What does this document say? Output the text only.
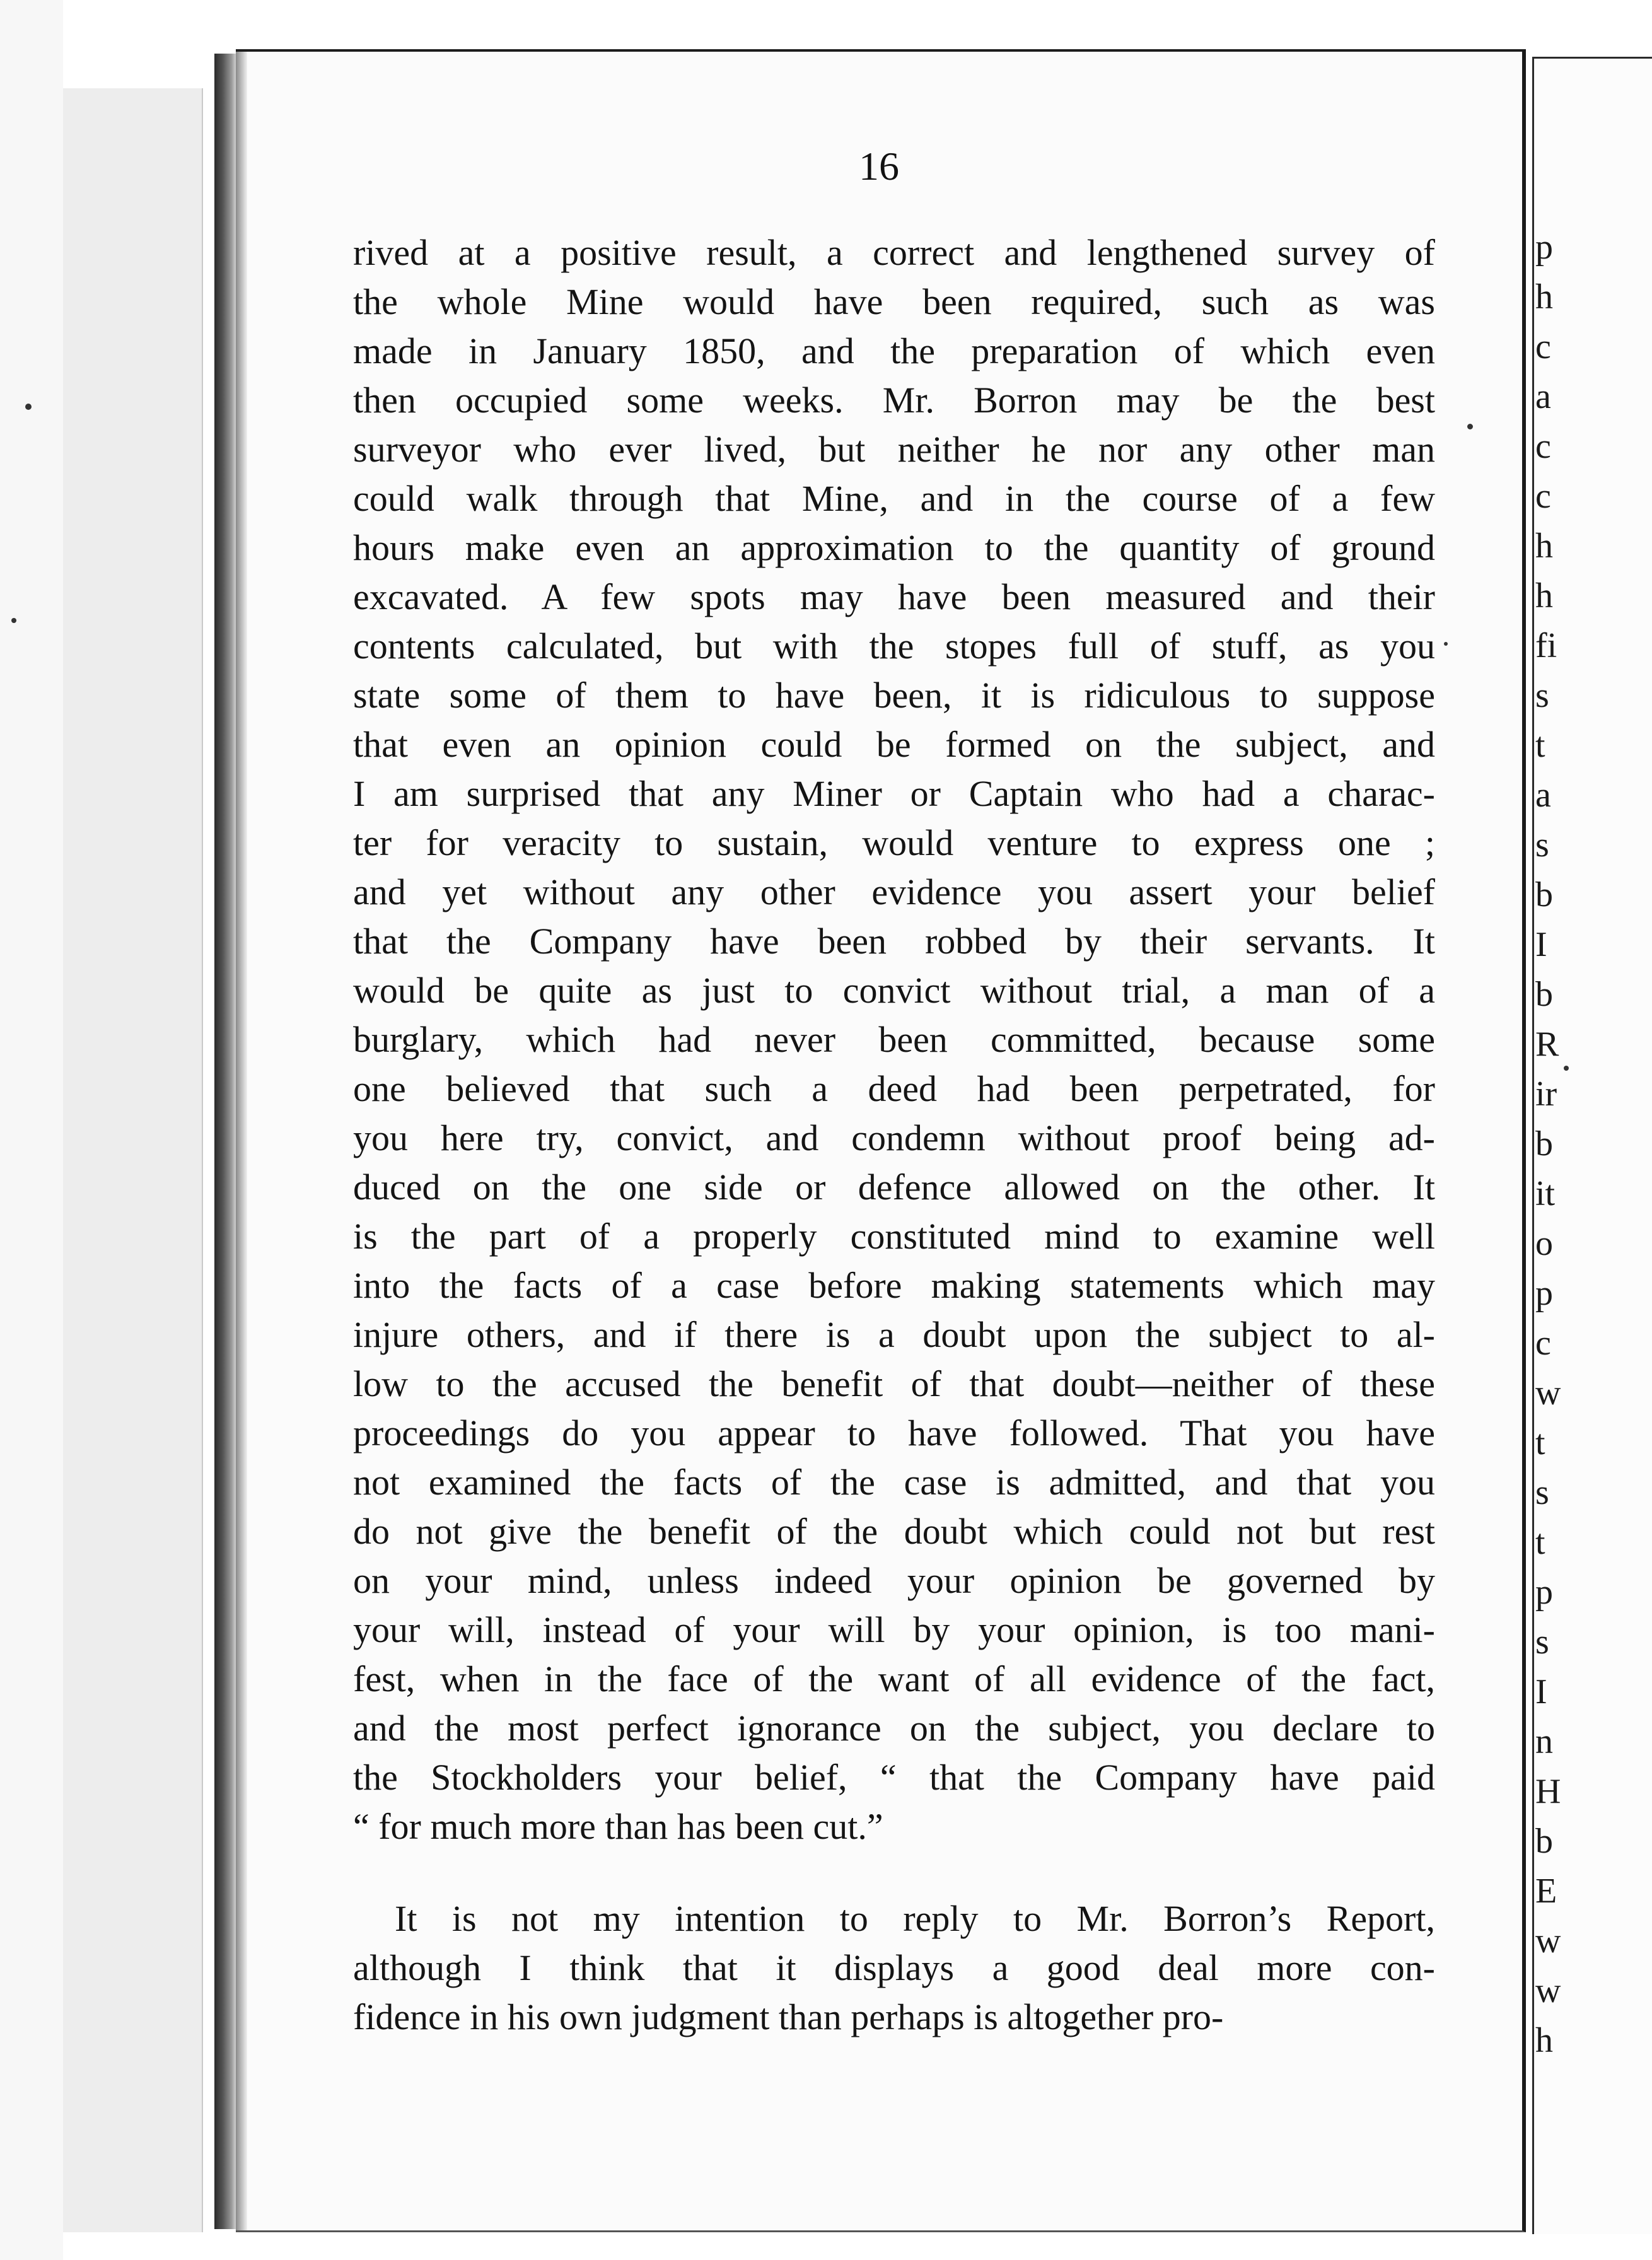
16
rived at a positive result, a correct and lengthened survey of
the whole Mine would have been required, such as was
made in January 1850, and the preparation of which even
then occupied some weeks. Mr. Borron may be the best
surveyor who ever lived, but neither he nor any other man
could walk through that Mine, and in the course of a few
hours make even an approximation to the quantity of ground
excavated. A few spots may have been measured and their
contents calculated, but with the stopes full of stuff, as you
state some of them to have been, it is ridiculous to suppose
that even an opinion could be formed on the subject, and
I am surprised that any Miner or Captain who had a charac-
ter for veracity to sustain, would venture to express one ;
and yet without any other evidence you assert your belief
that the Company have been robbed by their servants. It
would be quite as just to convict without trial, a man of a
burglary, which had never been committed, because some
one believed that such a deed had been perpetrated, for
you here try, convict, and condemn without proof being ad-
duced on the one side or defence allowed on the other. It
is the part of a properly constituted mind to examine well
into the facts of a case before making statements which may
injure others, and if there is a doubt upon the subject to al-
low to the accused the benefit of that doubt—neither of these
proceedings do you appear to have followed. That you have
not examined the facts of the case is admitted, and that you
do not give the benefit of the doubt which could not but rest
on your mind, unless indeed your opinion be governed by
your will, instead of your will by your opinion, is too mani-
fest, when in the face of the want of all evidence of the fact,
and the most perfect ignorance on the subject, you declare to
the Stockholders your belief, “ that the Company have paid
“ for much more than has been cut.”
It is not my intention to reply to Mr. Borron’s Report,
although I think that it displays a good deal more con-
fidence in his own judgment than perhaps is altogether pro-
p
h
c
a
c
c
h
h
fi
s
t
a
s
b
I
b
R
ir
b
it
o
p
c
w
t
s
t
p
s
I
n
H
b
E
w
w
h
